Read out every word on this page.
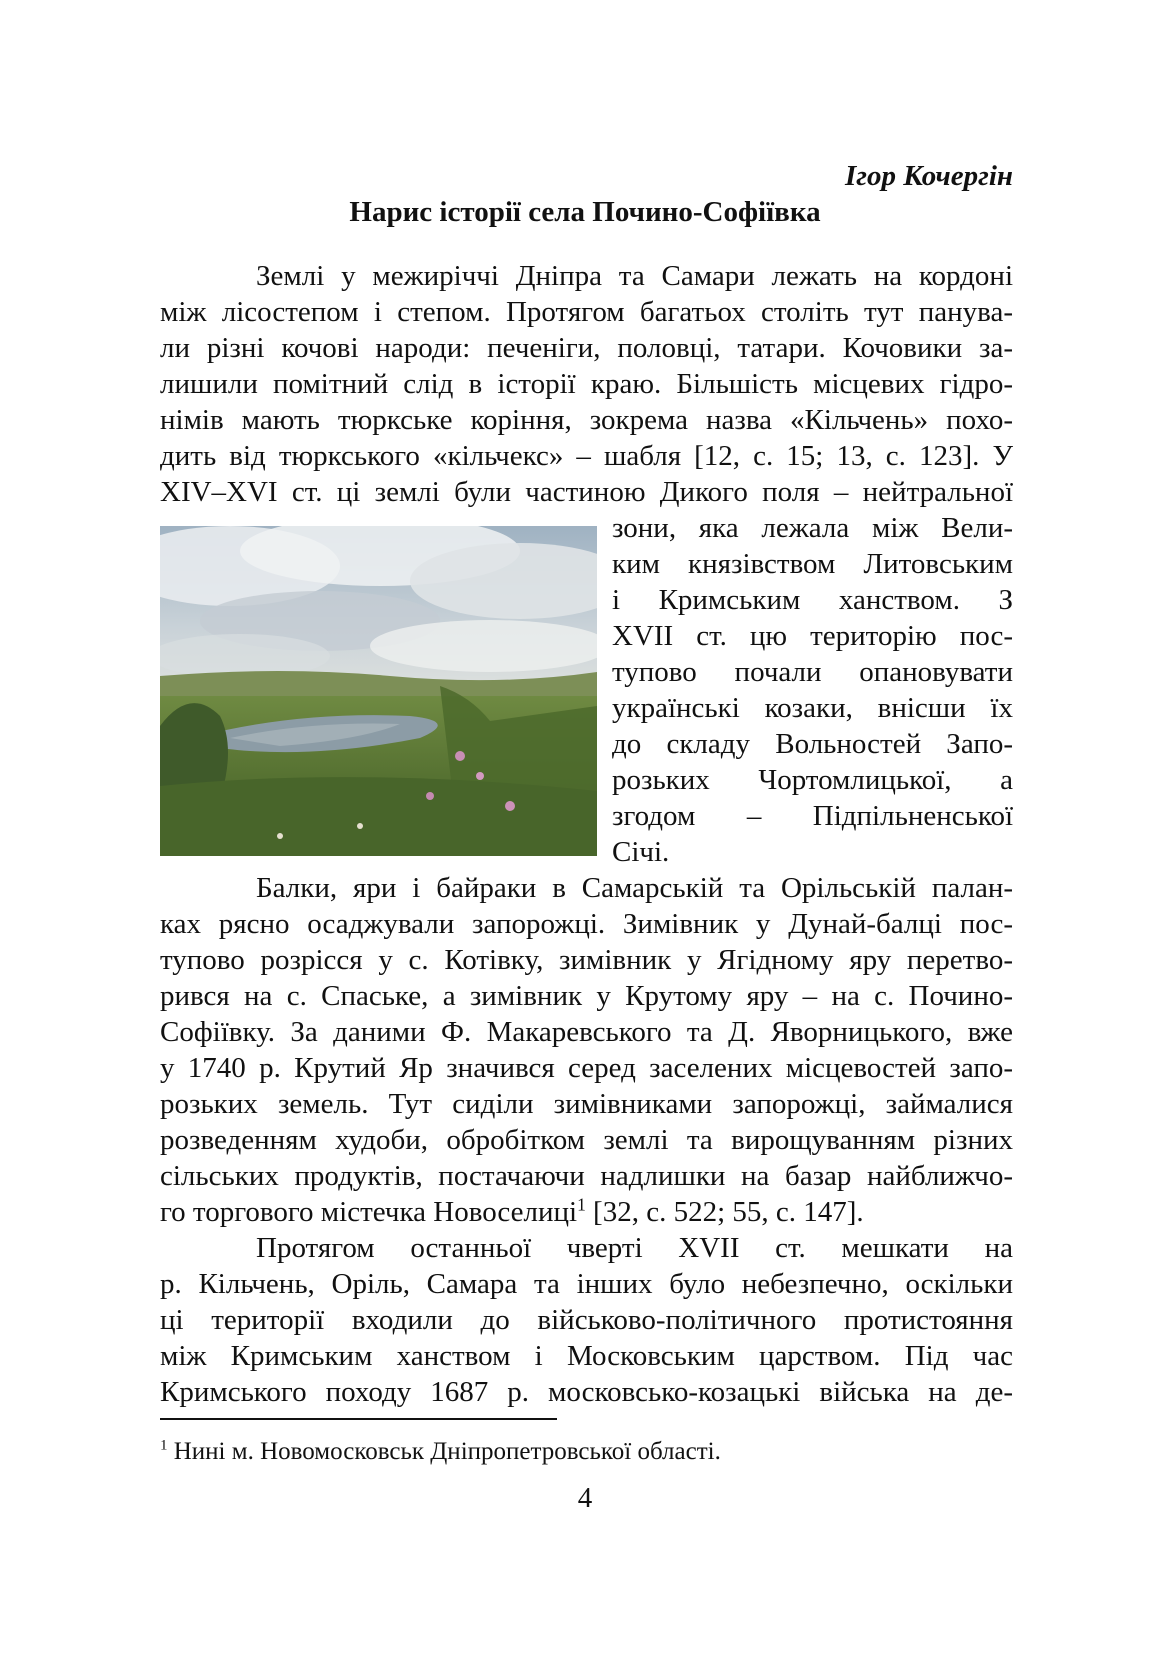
Ігор Кочергін
Нарис історії села Почино-Софіївка
Землі у межиріччі Дніпра та Самари лежать на кордоні
між лісостепом і степом. Протягом багатьох століть тут панува-
ли різні кочові народи: печеніги, половці, татари. Кочовики за-
лишили помітний слід в історії краю. Більшість місцевих гідро-
німів мають тюркське коріння, зокрема назва «Кільчень» похо-
дить від тюркського «кільчекс» – шабля [12, с. 15; 13, с. 123]. У
XIV–XVI ст. ці землі були частиною Дикого поля – нейтральної
зони, яка лежала між Вели-
ким князівством Литовським
і Кримським ханством. З
XVII ст. цю територію пос-
тупово почали опановувати
українські козаки, внісши їх
до складу Вольностей Запо-
розьких Чортомлицької, а
згодом – Підпільненської
Січі.
Балки, яри і байраки в Самарській та Орільській палан-
ках рясно осаджували запорожці. Зимівник у Дунай-балці пос-
тупово розрісся у с. Котівку, зимівник у Ягідному яру перетво-
рився на с. Спаське, а зимівник у Крутому яру – на с. Почино-
Софіївку. За даними Ф. Макаревського та Д. Яворницького, вже
у 1740 р. Крутий Яр значився серед заселених місцевостей запо-
розьких земель. Тут сиділи зимівниками запорожці, займалися
розведенням худоби, обробітком землі та вирощуванням різних
сільських продуктів, постачаючи надлишки на базар найближчо-
го торгового містечка Новоселиці$^1$ [32, с. 522; 55, с. 147].
Протягом останньої чверті XVII ст. мешкати на
р. Кільчень, Оріль, Самара та інших було небезпечно, оскільки
ці території входили до військово-політичного протистояння
між Кримським ханством і Московським царством. Під час
Кримського походу 1687 р. московсько-козацькі війська на де-
$^1$ Нині м. Новомосковськ Дніпропетровської області.
4
